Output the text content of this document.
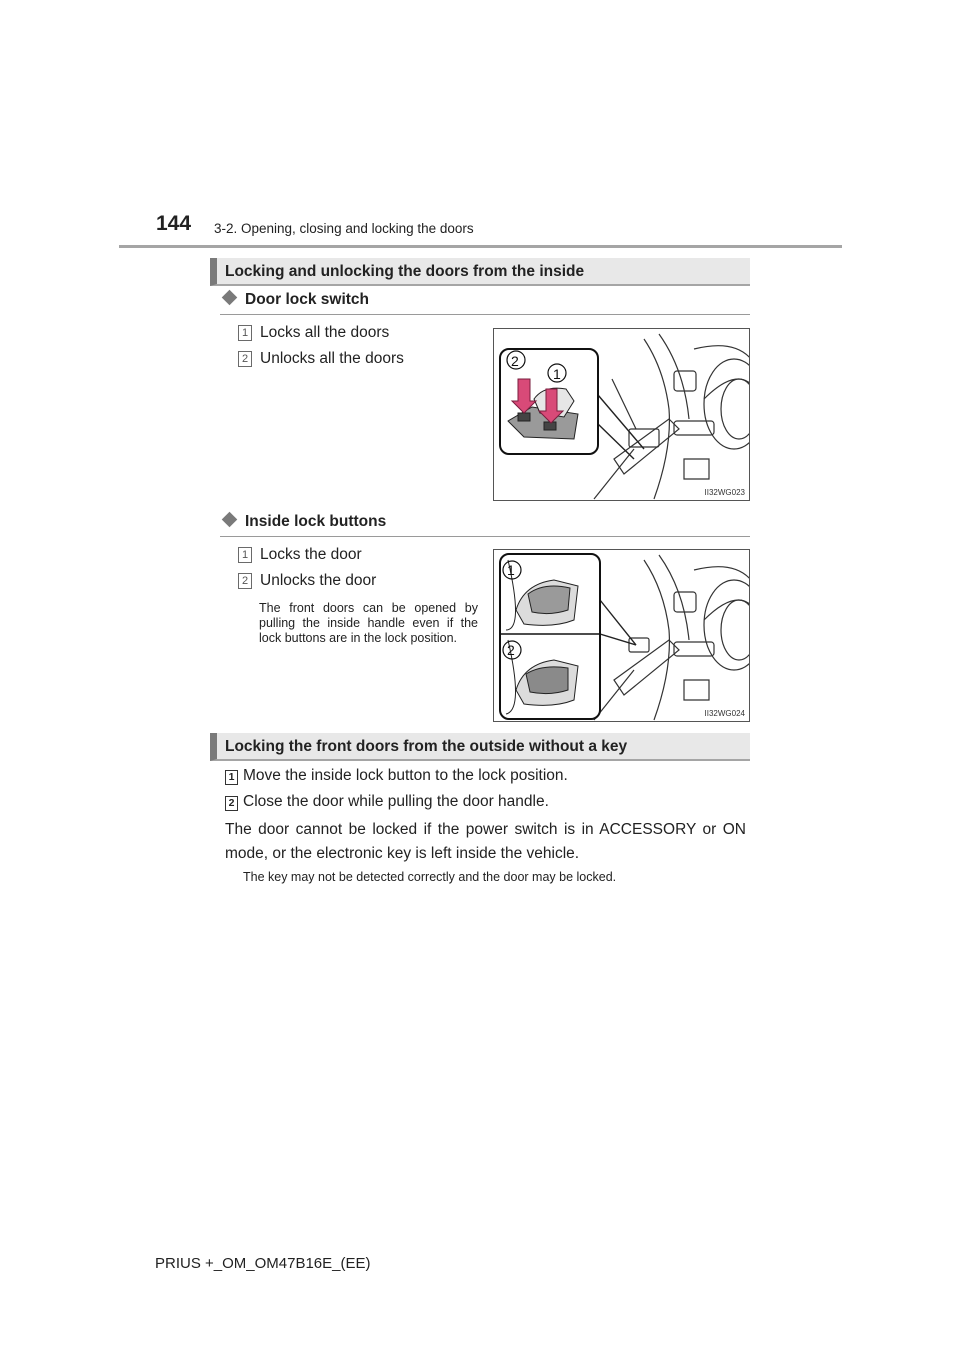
144 3-2. Opening, closing and locking the doors
Locking and unlocking the doors from the inside
Door lock switch
1 Locks all the doors
2 Unlocks all the doors	2
1
II32WG023
Inside lock buttons
1 Locks the door
2 Unlocks the door
The front doors can be opened by pulling the inside handle even if the lock buttons are in the lock position.
1
2
II32WG024
Locking the front doors from the outside without a key
1 Move the inside lock button to the lock position.
2 Close the door while pulling the door handle.
The door cannot be locked if the power switch is in ACCESSORY or ON mode, or the electronic key is left inside the vehicle.
The key may not be detected correctly and the door may be locked.
PRIUS +_OM_OM47B16E_(EE)
